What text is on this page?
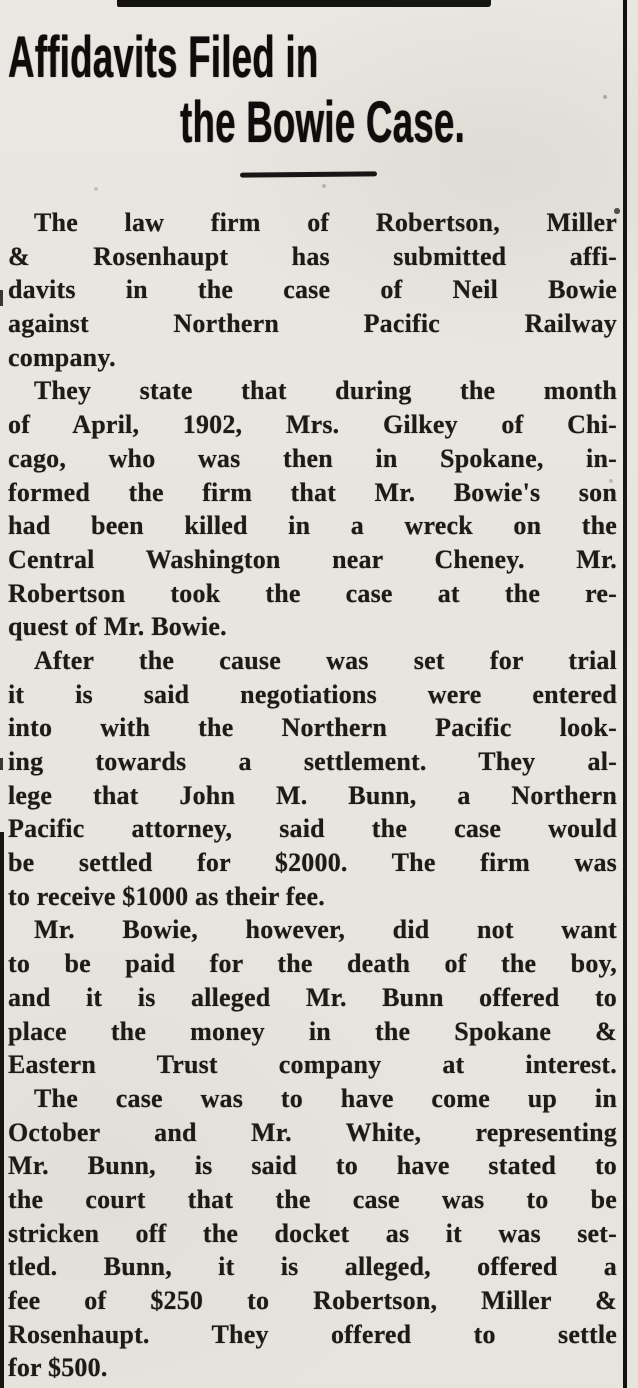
Affidavits Filed in
the Bowie Case.
The law firm of Robertson, Miller
& Rosenhaupt has submitted affi-
davits in the case of Neil Bowie
against Northern Pacific Railway
company.
They state that during the month
of April, 1902, Mrs. Gilkey of Chi-
cago, who was then in Spokane, in-
formed the firm that Mr. Bowie's son
had been killed in a wreck on the
Central Washington near Cheney. Mr.
Robertson took the case at the re-
quest of Mr. Bowie.
After the cause was set for trial
it is said negotiations were entered
into with the Northern Pacific look-
ing towards a settlement. They al-
lege that John M. Bunn, a Northern
Pacific attorney, said the case would
be settled for $2000. The firm was
to receive $1000 as their fee.
Mr. Bowie, however, did not want
to be paid for the death of the boy,
and it is alleged Mr. Bunn offered to
place the money in the Spokane &
Eastern Trust company at interest.
The case was to have come up in
October and Mr. White, representing
Mr. Bunn, is said to have stated to
the court that the case was to be
stricken off the docket as it was set-
tled. Bunn, it is alleged, offered a
fee of $250 to Robertson, Miller &
Rosenhaupt. They offered to settle
for $500.
